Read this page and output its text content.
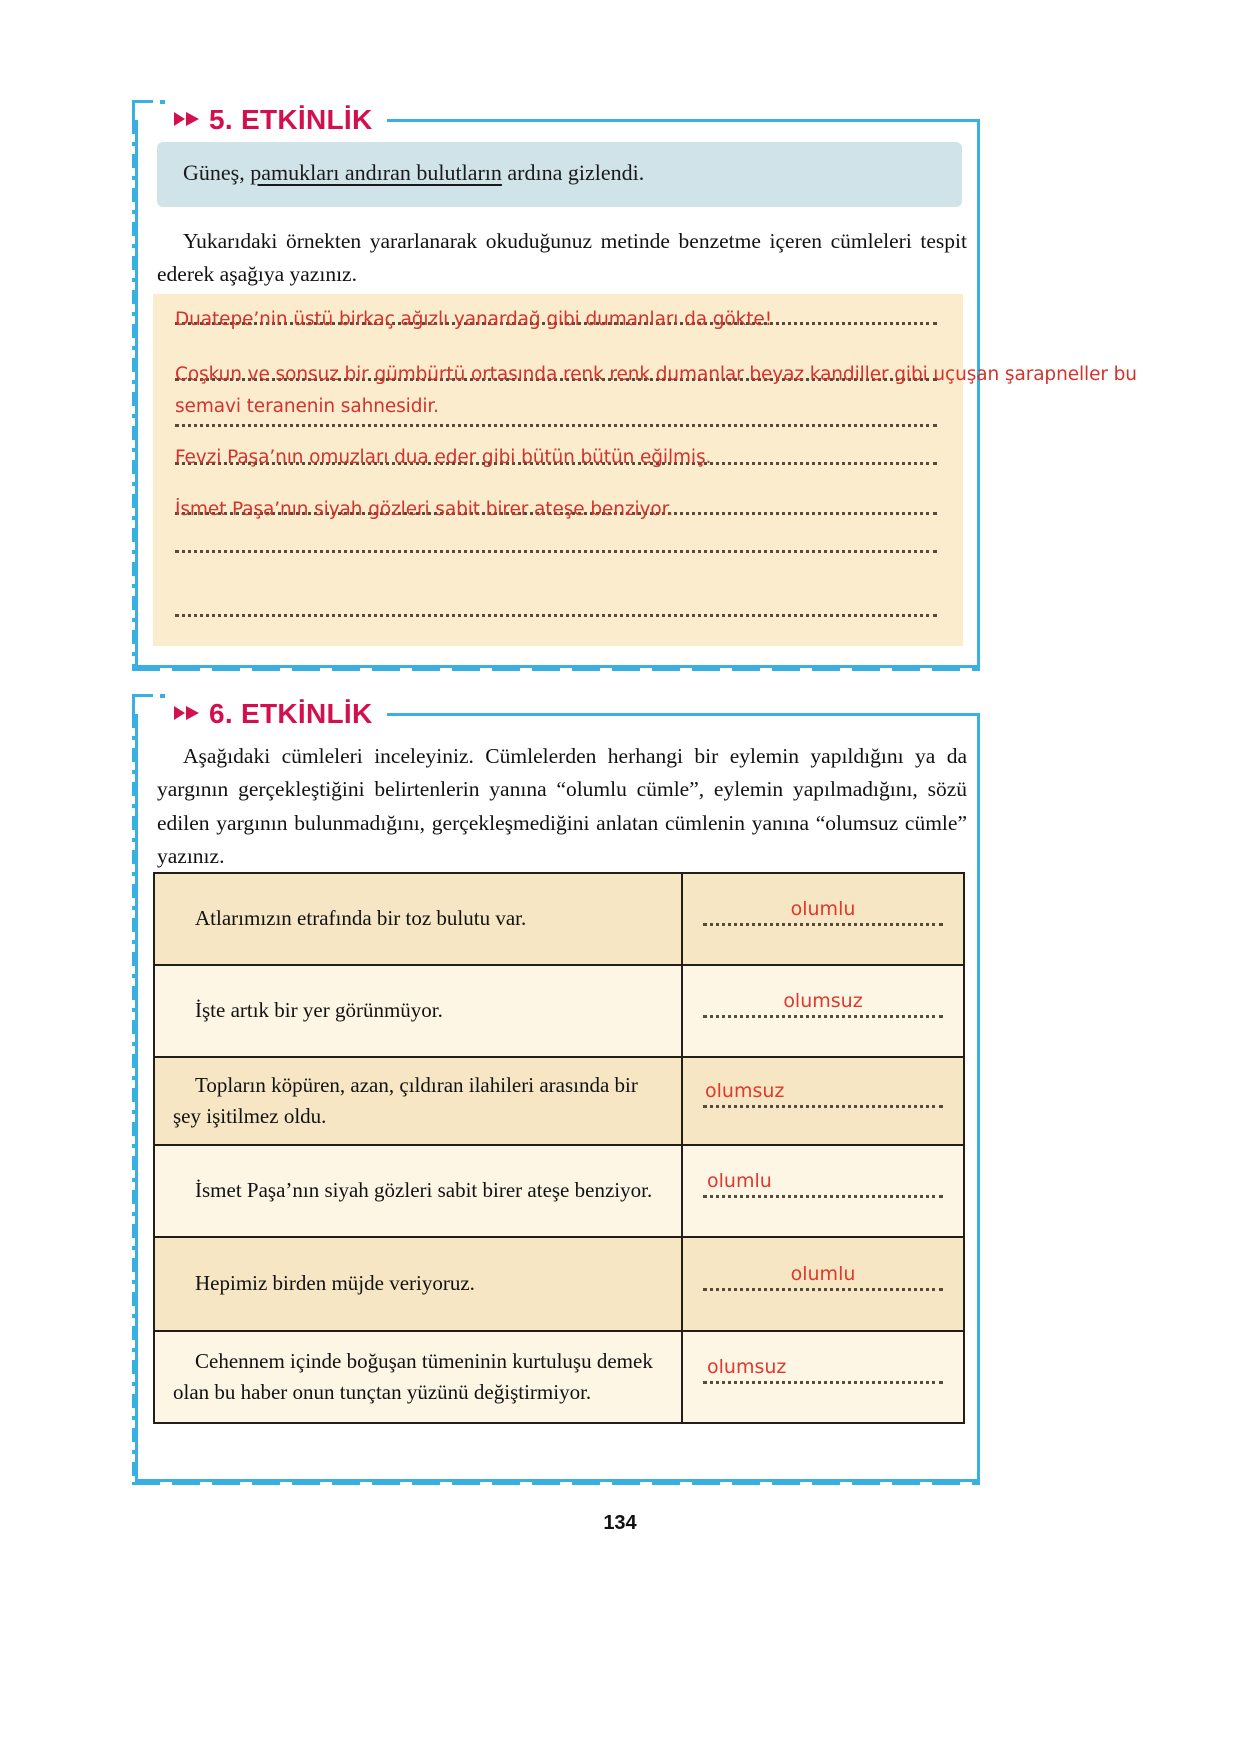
5. ETKİNLİK
Güneş, pamukları andıran bulutların ardına gizlendi.
Yukarıdaki örnekten yararlanarak okuduğunuz metinde benzetme içeren cümleleri tespit ederek aşağıya yazınız.
Duatepe’nin üstü birkaç ağızlı yanardağ gibi dumanları da gökte!
Coşkun ve sonsuz bir gümbürtü ortasında renk renk dumanlar beyaz kandiller gibi uçuşan şarapneller bu
semavi teranenin sahnesidir.
Fevzi Paşa’nın omuzları dua eder gibi bütün bütün eğilmiş.
İsmet Paşa’nın siyah gözleri sabit birer ateşe benziyor.
6. ETKİNLİK
Aşağıdaki cümleleri inceleyiniz. Cümlelerden herhangi bir eylemin yapıldığını ya da yargının gerçekleştiğini belirtenlerin yanına “olumlu cümle”, eylemin yapılmadığını, sözü edilen yargının bulunmadığını, gerçekleşmediğini anlatan cümlenin yanına “olumsuz cümle” yazınız.
Atlarımızın etrafında bir toz bulutu var.	olumlu

İşte artık bir yer görünmüyor.	olumsuz

Topların köpüren, azan, çıldıran ilahileri arasında bir şey işitilmez oldu.	olumsuz

İsmet Paşa’nın siyah gözleri sabit birer ateşe benziyor.	olumlu

Hepimiz birden müjde veriyoruz.	olumlu

Cehennem içinde boğuşan tümeninin kurtuluşu demek olan bu haber onun tunçtan yüzünü değiştirmiyor.	olumsuz
134
